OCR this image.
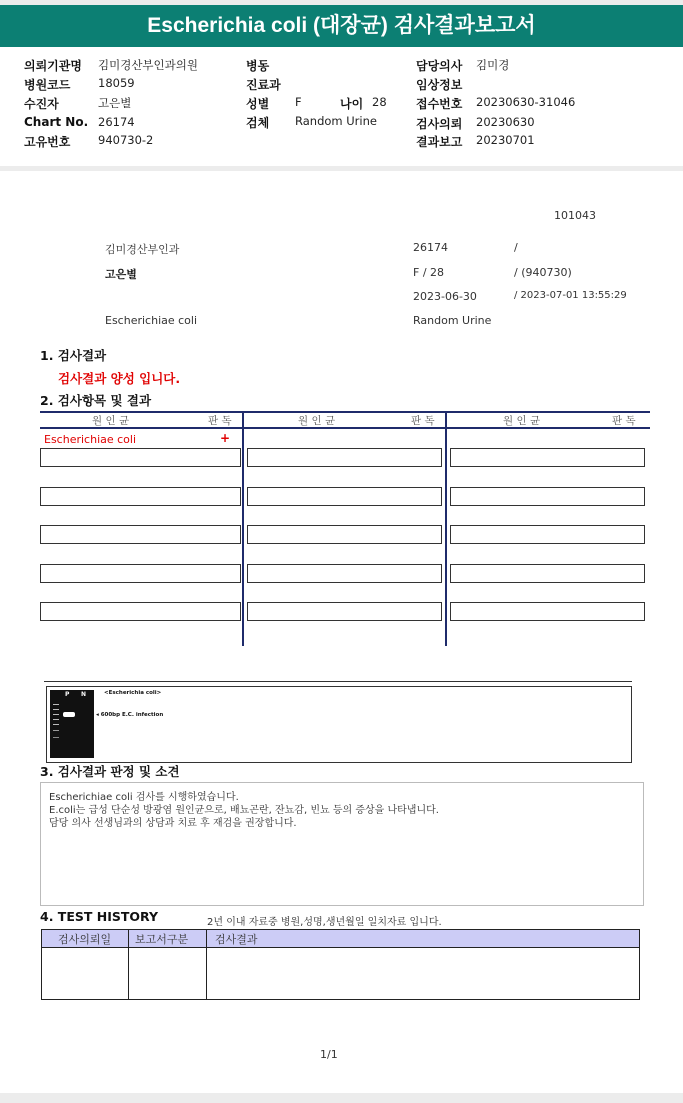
Escherichia coli (대장균) 검사결과보고서
의뢰기관명 김미경산부인과의원
병원코드 18059
수진자	고은별
Chart No. 26174
고유번호 940730-2
병동
진료과
성별 F	나이 28
검체 Random Urine
담당의사 김미경
임상정보
접수번호 20230630-31046
검사의뢰 20230630
결과보고 20230701
101043
김미경산부인과	26174	/
고은별	F / 28	/ (940730)
2023-06-30	/ 2023-07-01 13:55:29
Escherichiae coli	Random Urine
1. 검사결과
검사결과 양성 입니다.
2. 검사항목 및 결과
원 인 균	판 독	원 인 균	판 독	원 인 균	판 독
Escherichiae coli	+
P N	<Escherichia coli>
◂ 600bp E.C. infection
3. 검사결과 판정 및 소견
Escherichiae coli 검사를 시행하였습니다.
E.coli는 급성 단순성 방광염 원인균으로, 배뇨곤란, 잔뇨감, 빈뇨 등의 증상을 나타냅니다.
담당 의사 선생님과의 상담과 치료 후 재검을 권장합니다.
4. TEST HISTORY	2년 이내 자료중 병원,성명,생년월일 일치자료 입니다.
검사의뢰일 보고서구분 검사결과
1/1
